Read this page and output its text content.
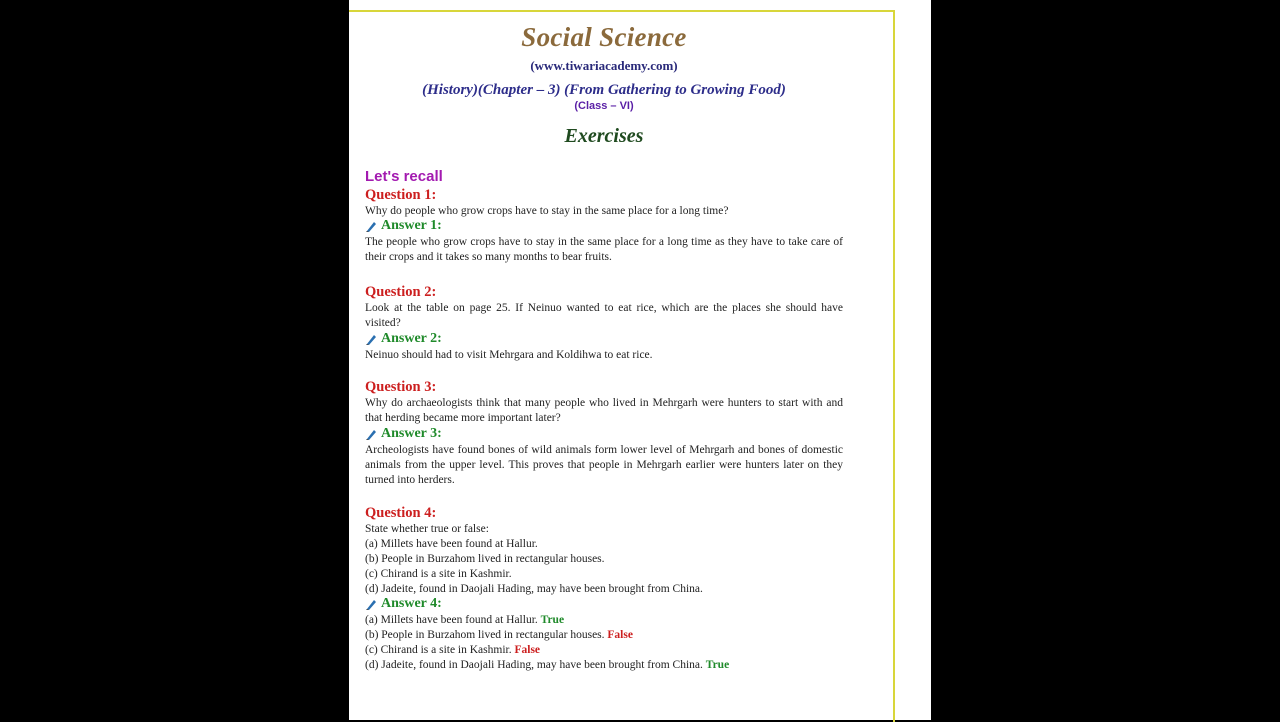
Social Science
(www.tiwariacademy.com)
(History)(Chapter – 3) (From Gathering to Growing Food)
(Class – VI)
Exercises
Let's recall
Question 1:
Why do people who grow crops have to stay in the same place for a long time?
Answer 1:
The people who grow crops have to stay in the same place for a long time as they have to take care of their crops and it takes so many months to bear fruits.
Question 2:
Look at the table on page 25. If Neinuo wanted to eat rice, which are the places she should have visited?
Answer 2:
Neinuo should had to visit Mehrgara and Koldihwa to eat rice.
Question 3:
Why do archaeologists think that many people who lived in Mehrgarh were hunters to start with and that herding became more important later?
Answer 3:
Archeologists have found bones of wild animals form lower level of Mehrgarh and bones of domestic animals from the upper level. This proves that people in Mehrgarh earlier were hunters later on they turned into herders.
Question 4:
State whether true or false:
(a) Millets have been found at Hallur.
(b) People in Burzahom lived in rectangular houses.
(c) Chirand is a site in Kashmir.
(d) Jadeite, found in Daojali Hading, may have been brought from China.
Answer 4:
(a) Millets have been found at Hallur. True
(b) People in Burzahom lived in rectangular houses. False
(c) Chirand is a site in Kashmir. False
(d) Jadeite, found in Daojali Hading, may have been brought from China. True
